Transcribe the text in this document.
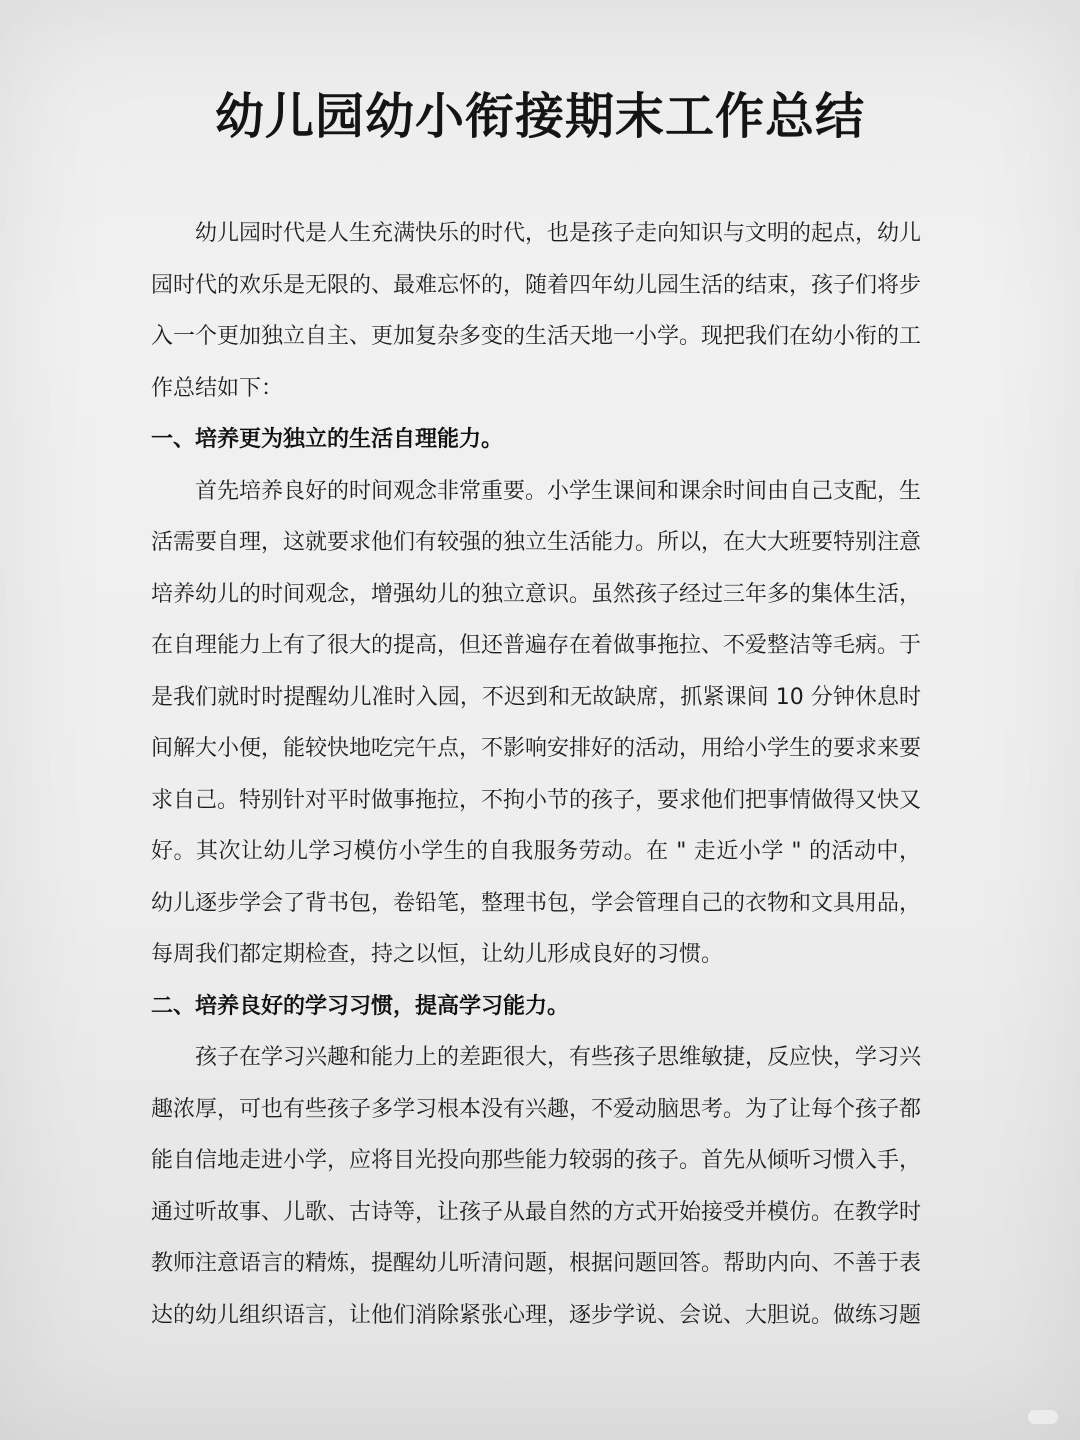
幼儿园幼小衔接期末工作总结

幼儿园时代是人生充满快乐的时代，也是孩子走向知识与文明的起点，幼儿园时代的欢乐是无限的、最难忘怀的，随着四年幼儿园生活的结束，孩子们将步入一个更加独立自主、更加复杂多变的生活天地一小学。现把我们在幼小衔的工作总结如下：

一、培养更为独立的生活自理能力。

首先培养良好的时间观念非常重要。小学生课间和课余时间由自己支配，生活需要自理，这就要求他们有较强的独立生活能力。所以，在大大班要特别注意培养幼儿的时间观念，增强幼儿的独立意识。虽然孩子经过三年多的集体生活，在自理能力上有了很大的提高，但还普遍存在着做事拖拉、不爱整洁等毛病。于是我们就时时提醒幼儿准时入园，不迟到和无故缺席，抓紧课间 10 分钟休息时间解大小便，能较快地吃完午点，不影响安排好的活动，用给小学生的要求来要求自己。特别针对平时做事拖拉，不拘小节的孩子，要求他们把事情做得又快又好。其次让幼儿学习模仿小学生的自我服务劳动。在 " 走近小学 " 的活动中，幼儿逐步学会了背书包，卷铅笔，整理书包，学会管理自己的衣物和文具用品，每周我们都定期检查，持之以恒，让幼儿形成良好的习惯。

二、培养良好的学习习惯，提高学习能力。

孩子在学习兴趣和能力上的差距很大，有些孩子思维敏捷，反应快，学习兴趣浓厚，可也有些孩子多学习根本没有兴趣，不爱动脑思考。为了让每个孩子都能自信地走进小学，应将目光投向那些能力较弱的孩子。首先从倾听习惯入手，通过听故事、儿歌、古诗等，让孩子从最自然的方式开始接受并模仿。在教学时教师注意语言的精炼，提醒幼儿听清问题，根据问题回答。帮助内向、不善于表达的幼儿组织语言，让他们消除紧张心理，逐步学说、会说、大胆说。做练习题
